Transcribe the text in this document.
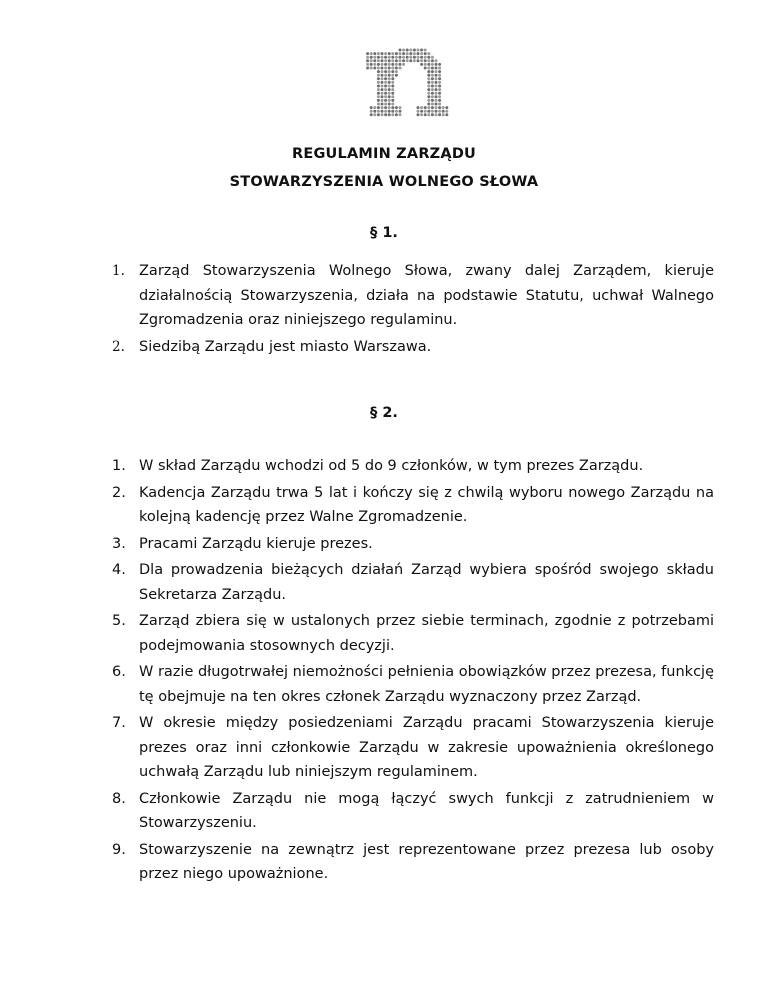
REGULAMIN ZARZĄDU
STOWARZYSZENIA WOLNEGO SŁOWA
§ 1.
1. Zarząd Stowarzyszenia Wolnego Słowa, zwany dalej Zarządem, kieruje działalnością Stowarzyszenia, działa na podstawie Statutu, uchwał Walnego Zgromadzenia oraz niniejszego regulaminu.
2. Siedzibą Zarządu jest miasto Warszawa.
§ 2.
1. W skład Zarządu wchodzi od 5 do 9 członków, w tym prezes Zarządu.
2. Kadencja Zarządu trwa 5 lat i kończy się z chwilą wyboru nowego Zarządu na kolejną kadencję przez Walne Zgromadzenie.
3. Pracami Zarządu kieruje prezes.
4. Dla prowadzenia bieżących działań Zarząd wybiera spośród swojego składu Sekretarza Zarządu.
5. Zarząd zbiera się w ustalonych przez siebie terminach, zgodnie z potrzebami podejmowania stosownych decyzji.
6. W razie długotrwałej niemożności pełnienia obowiązków przez prezesa, funkcję tę obejmuje na ten okres członek Zarządu wyznaczony przez Zarząd.
7. W okresie między posiedzeniami Zarządu pracami Stowarzyszenia kieruje prezes oraz inni członkowie Zarządu w zakresie upoważnienia określonego uchwałą Zarządu lub niniejszym regulaminem.
8. Członkowie Zarządu nie mogą łączyć swych funkcji z zatrudnieniem w Stowarzyszeniu.
9. Stowarzyszenie na zewnątrz jest reprezentowane przez prezesa lub osoby przez niego upoważnione.
